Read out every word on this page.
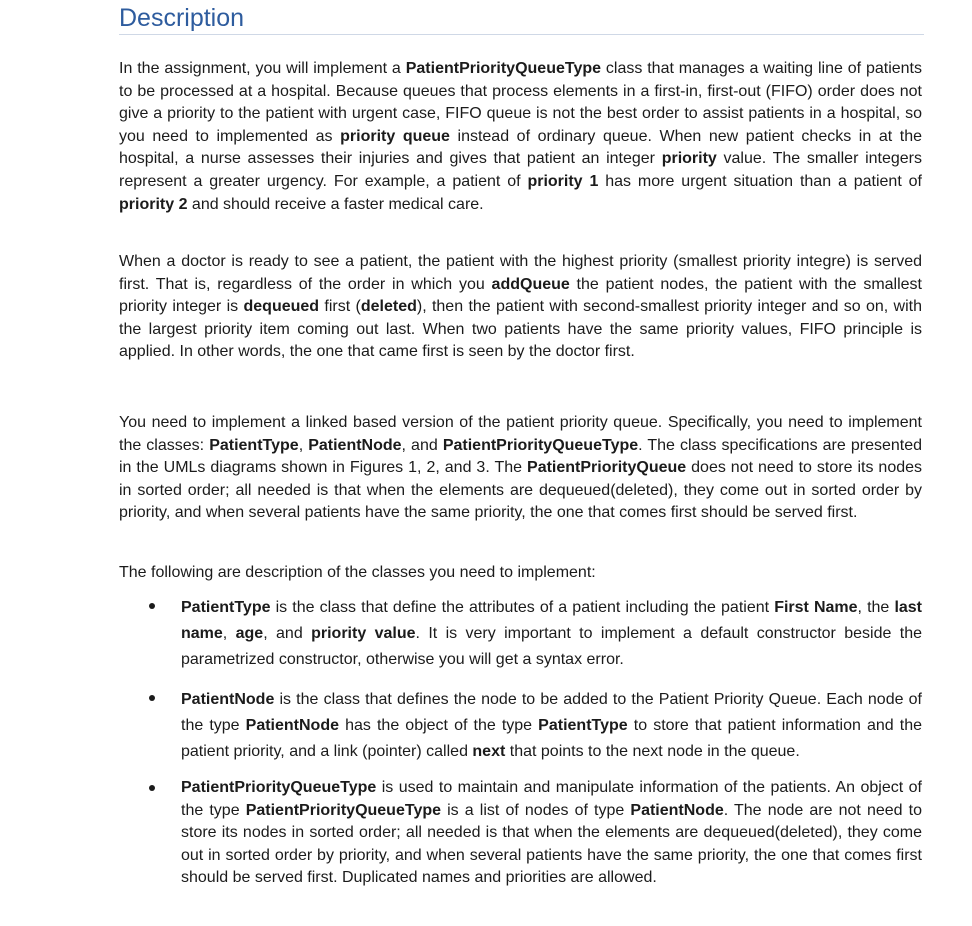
Description

In the assignment, you will implement a PatientPriorityQueueType class that manages a waiting line of patients to be processed at a hospital. Because queues that process elements in a first-in, first-out (FIFO) order does not give a priority to the patient with urgent case, FIFO queue is not the best order to assist patients in a hospital, so you need to implemented as priority queue instead of ordinary queue. When new patient checks in at the hospital, a nurse assesses their injuries and gives that patient an integer priority value. The smaller integers represent a greater urgency. For example, a patient of priority 1 has more urgent situation than a patient of priority 2 and should receive a faster medical care.

When a doctor is ready to see a patient, the patient with the highest priority (smallest priority integre) is served first. That is, regardless of the order in which you addQueue the patient nodes, the patient with the smallest priority integer is dequeued first (deleted), then the patient with second-smallest priority integer and so on, with the largest priority item coming out last. When two patients have the same priority values, FIFO principle is applied. In other words, the one that came first is seen by the doctor first.

You need to implement a linked based version of the patient priority queue. Specifically, you need to implement the classes: PatientType, PatientNode, and PatientPriorityQueueType. The class specifications are presented in the UMLs diagrams shown in Figures 1, 2, and 3. The PatientPriorityQueue does not need to store its nodes in sorted order; all needed is that when the elements are dequeued(deleted), they come out in sorted order by priority, and when several patients have the same priority, the one that comes first should be served first.

The following are description of the classes you need to implement:

PatientType is the class that define the attributes of a patient including the patient First Name, the last name, age, and priority value. It is very important to implement a default constructor beside the parametrized constructor, otherwise you will get a syntax error.
PatientNode is the class that defines the node to be added to the Patient Priority Queue. Each node of the type PatientNode has the object of the type PatientType to store that patient information and the patient priority, and a link (pointer) called next that points to the next node in the queue.
PatientPriorityQueueType is used to maintain and manipulate information of the patients. An object of the type PatientPriorityQueueType is a list of nodes of type PatientNode. The node are not need to store its nodes in sorted order; all needed is that when the elements are dequeued(deleted), they come out in sorted order by priority, and when several patients have the same priority, the one that comes first should be served first. Duplicated names and priorities are allowed.
